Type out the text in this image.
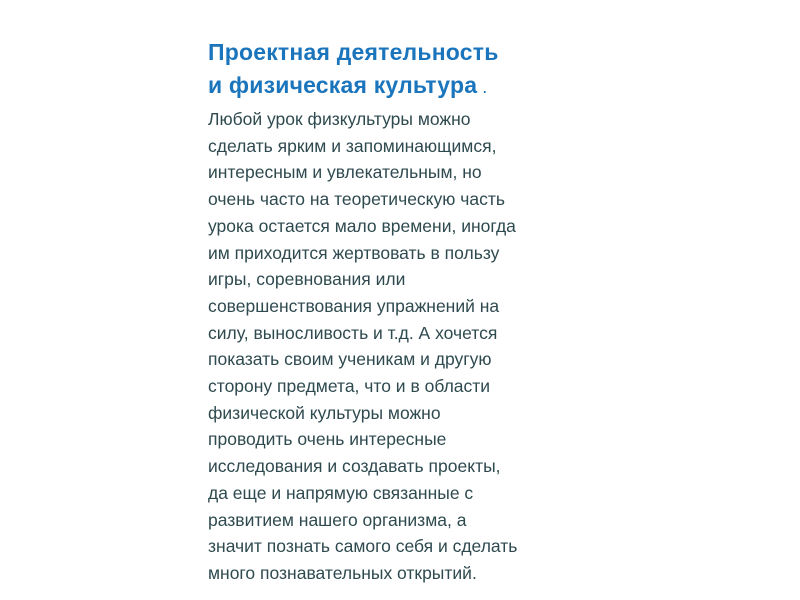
Проектная деятельность
и физическая культура .
Любой урок физкультуры можно
сделать ярким и запоминающимся,
интересным и увлекательным, но
очень часто на теоретическую часть
урока остается мало времени, иногда
им приходится жертвовать в пользу
игры, соревнования или
совершенствования упражнений на
силу, выносливость и т.д. А хочется
показать своим ученикам и другую
сторону предмета, что и в области
физической культуры можно
проводить очень интересные
исследования и создавать проекты,
да еще и напрямую связанные с
развитием нашего организма, а
значит познать самого себя и сделать
много познавательных открытий.
